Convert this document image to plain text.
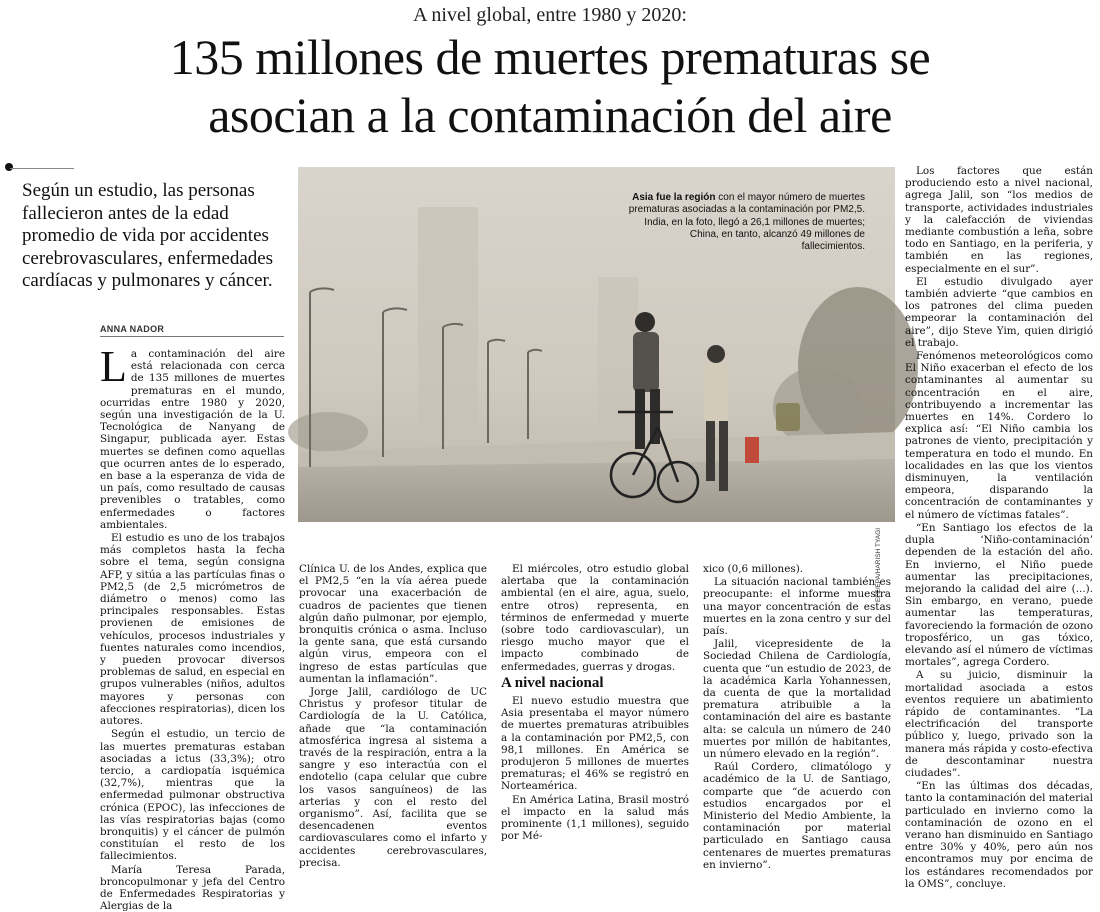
A nivel global, entre 1980 y 2020:
135 millones de muertes prematuras se
asocian a la contaminación del aire
Según un estudio, las personas fallecieron antes de la edad promedio de vida por accidentes cerebrovasculares, enfermedades cardíacas y pulmonares y cáncer.
ANNA NADOR

La contaminación del aire está relacionada con cerca de 135 millones de muertes prematuras en el mundo, ocurridas entre 1980 y 2020, según una investigación de la U. Tecnológica de Nanyang de Singapur, publicada ayer. Estas muertes se definen como aquellas que ocurren antes de lo esperado, en base a la esperanza de vida de un país, como resultado de causas prevenibles o tratables, como enfermedades o factores ambientales.

El estudio es uno de los trabajos más completos hasta la fecha sobre el tema, según consigna AFP, y sitúa a las partículas finas o PM2,5 (de 2,5 micrómetros de diámetro o menos) como las principales responsables. Estas provienen de emisiones de vehículos, procesos industriales y fuentes naturales como incendios, y pueden provocar diversos problemas de salud, en especial en grupos vulnerables (niños, adultos mayores y personas con afecciones respiratorias), dicen los autores.

Según el estudio, un tercio de las muertes prematuras estaban asociadas a ictus (33,3%); otro tercio, a cardiopatía isquémica (32,7%), mientras que la enfermedad pulmonar obstructiva crónica (EPOC), las infecciones de las vías respiratorias bajas (como bronquitis) y el cáncer de pulmón constituían el resto de los fallecimientos.

María Teresa Parada, broncopulmonar y jefa del Centro de Enfermedades Respiratorias y Alergias de la

Asia fue la región con el mayor número de muertes prematuras asociadas a la contaminación por PM2,5. India, en la foto, llegó a 26,1 millones de muertes; China, en tanto, alcanzó 49 millones de fallecimientos.
EFE/EPA/HARISH TYAGI

Clínica U. de los Andes, explica que el PM2,5 “en la vía aérea puede provocar una exacerbación de cuadros de pacientes que tienen algún daño pulmonar, por ejemplo, bronquitis crónica o asma. Incluso la gente sana, que está cursando algún virus, empeora con el ingreso de estas partículas que aumentan la inflamación”.

Jorge Jalil, cardiólogo de UC Christus y profesor titular de Cardiología de la U. Católica, añade que “la contaminación atmosférica ingresa al sistema a través de la respiración, entra a la sangre y eso interactúa con el endotelio (capa celular que cubre los vasos sanguíneos) de las arterias y con el resto del organismo”. Así, facilita que se desencadenen eventos cardiovasculares como el infarto y accidentes cerebrovasculares, precisa.

El miércoles, otro estudio global alertaba que la contaminación ambiental (en el aire, agua, suelo, entre otros) representa, en términos de enfermedad y muerte (sobre todo cardiovascular), un riesgo mucho mayor que el impacto combinado de enfermedades, guerras y drogas.

A nivel nacional

El nuevo estudio muestra que Asia presentaba el mayor número de muertes prematuras atribuibles a la contaminación por PM2,5, con 98,1 millones. En América se produjeron 5 millones de muertes prematuras; el 46% se registró en Norteamérica.

En América Latina, Brasil mostró el impacto en la salud más prominente (1,1 millones), seguido por Mé-

xico (0,6 millones).

La situación nacional también es preocupante: el informe muestra una mayor concentración de estas muertes en la zona centro y sur del país.

Jalil, vicepresidente de la Sociedad Chilena de Cardiología, cuenta que “un estudio de 2023, de la académica Karla Yohannessen, da cuenta de que la mortalidad prematura atribuible a la contaminación del aire es bastante alta: se calcula un número de 240 muertes por millón de habitantes, un número elevado en la región”.

Raúl Cordero, climatólogo y académico de la U. de Santiago, comparte que “de acuerdo con estudios encargados por el Ministerio del Medio Ambiente, la contaminación por material particulado en Santiago causa centenares de muertes prematuras en invierno”.

Los factores que están produciendo esto a nivel nacional, agrega Jalil, son “los medios de transporte, actividades industriales y la calefacción de viviendas mediante combustión a leña, sobre todo en Santiago, en la periferia, y también en las regiones, especialmente en el sur”.

El estudio divulgado ayer también advierte “que cambios en los patrones del clima pueden empeorar la contaminación del aire”, dijo Steve Yim, quien dirigió el trabajo.

Fenómenos meteorológicos como El Niño exacerban el efecto de los contaminantes al aumentar su concentración en el aire, contribuyendo a incrementar las muertes en 14%. Cordero lo explica así: “El Niño cambia los patrones de viento, precipitación y temperatura en todo el mundo. En localidades en las que los vientos disminuyen, la ventilación empeora, disparando la concentración de contaminantes y el número de víctimas fatales”.

“En Santiago los efectos de la dupla ‘Niño-contaminación’ dependen de la estación del año. En invierno, el Niño puede aumentar las precipitaciones, mejorando la calidad del aire (...). Sin embargo, en verano, puede aumentar las temperaturas, favoreciendo la formación de ozono troposférico, un gas tóxico, elevando así el número de víctimas mortales”, agrega Cordero.

A su juicio, disminuir la mortalidad asociada a estos eventos requiere un abatimiento rápido de contaminantes. “La electrificación del transporte público y, luego, privado son la manera más rápida y costo-efectiva de descontaminar nuestra ciudades”.

“En las últimas dos décadas, tanto la contaminación del material particulado en invierno como la contaminación de ozono en el verano han disminuido en Santiago entre 30% y 40%, pero aún nos encontramos muy por encima de los estándares recomendados por la OMS”, concluye.
